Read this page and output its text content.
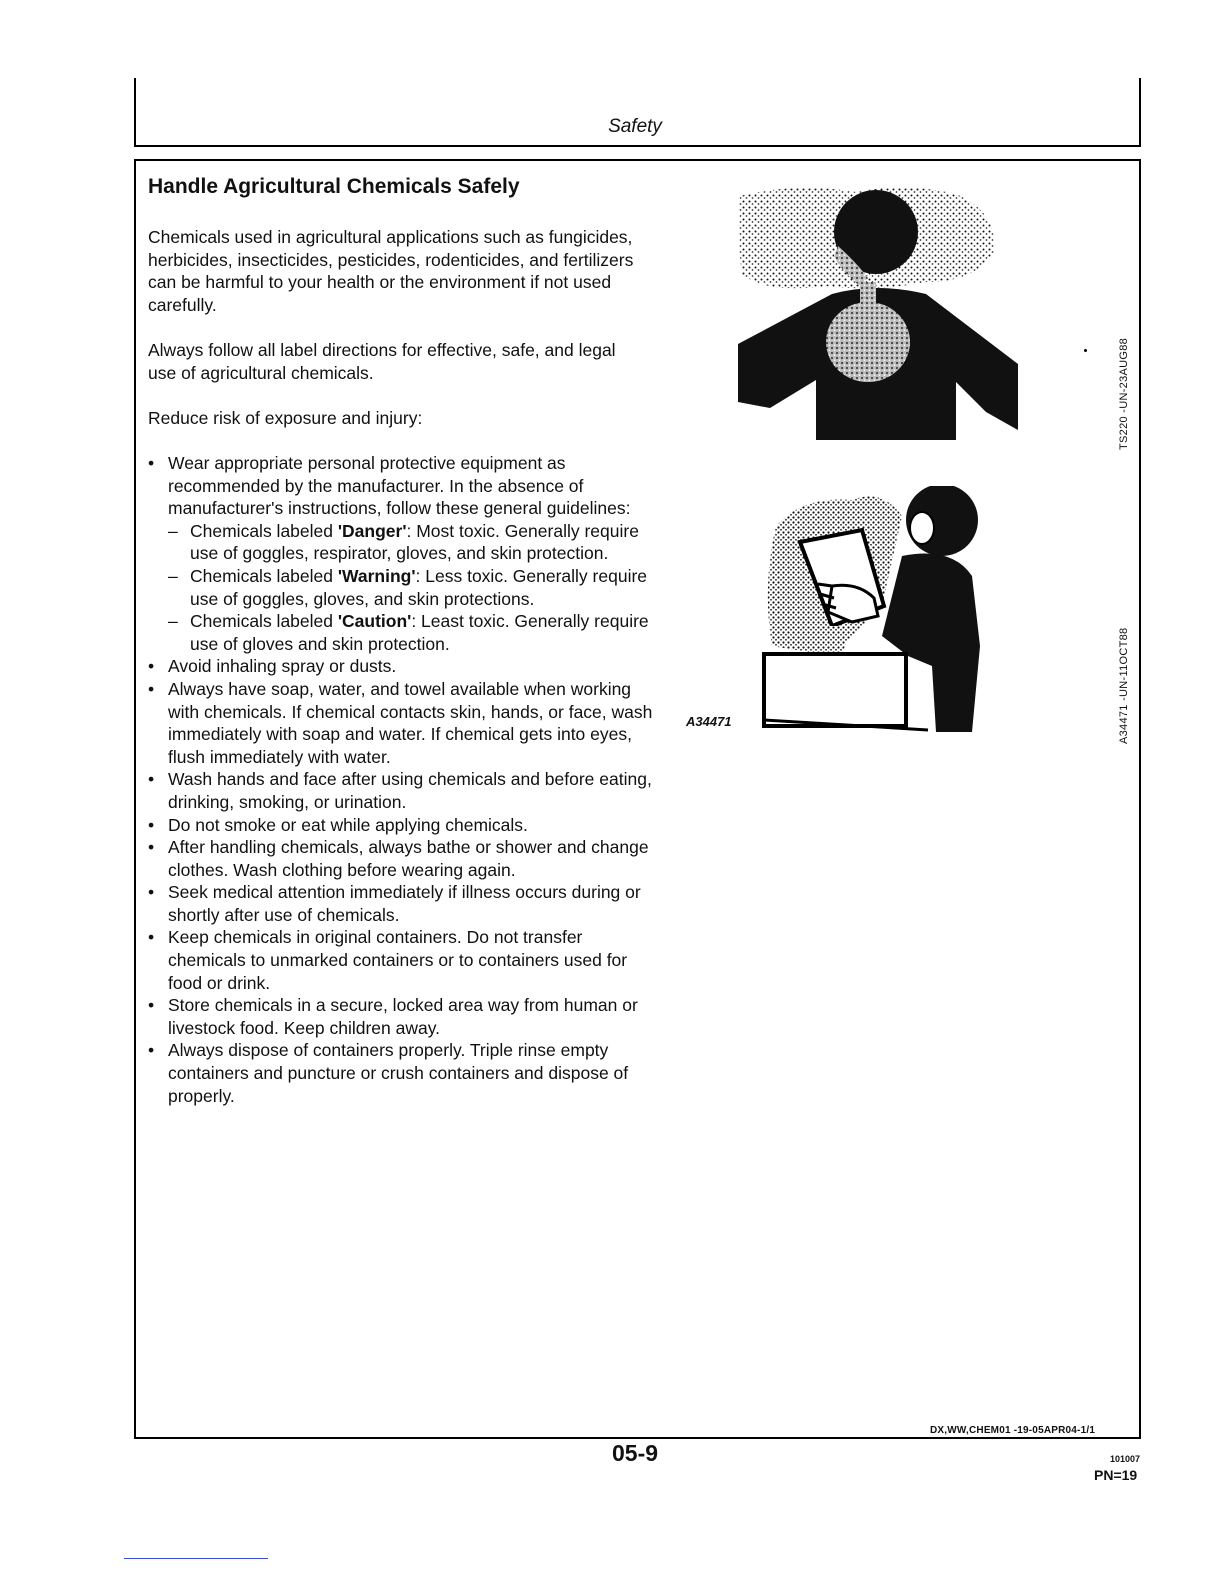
Safety
Handle Agricultural Chemicals Safely
Chemicals used in agricultural applications such as fungicides, herbicides, insecticides, pesticides, rodenticides, and fertilizers can be harmful to your health or the environment if not used carefully.
Always follow all label directions for effective, safe, and legal use of agricultural chemicals.
Reduce risk of exposure and injury:
• Wear appropriate personal protective equipment as recommended by the manufacturer. In the absence of manufacturer's instructions, follow these general guidelines:
– Chemicals labeled 'Danger': Most toxic. Generally require use of goggles, respirator, gloves, and skin protection.
– Chemicals labeled 'Warning': Less toxic. Generally require use of goggles, gloves, and skin protections.
– Chemicals labeled 'Caution': Least toxic. Generally require use of gloves and skin protection.
• Avoid inhaling spray or dusts.
• Always have soap, water, and towel available when working with chemicals. If chemical contacts skin, hands, or face, wash immediately with soap and water. If chemical gets into eyes, flush immediately with water.
• Wash hands and face after using chemicals and before eating, drinking, smoking, or urination.
• Do not smoke or eat while applying chemicals.
• After handling chemicals, always bathe or shower and change clothes. Wash clothing before wearing again.
• Seek medical attention immediately if illness occurs during or shortly after use of chemicals.
• Keep chemicals in original containers. Do not transfer chemicals to unmarked containers or to containers used for food or drink.
• Store chemicals in a secure, locked area way from human or livestock food. Keep children away.
• Always dispose of containers properly. Triple rinse empty containers and puncture or crush containers and dispose of properly.
A34471
TS220 -UN-23AUG88
A34471 -UN-11OCT88
DX,WW,CHEM01 -19-05APR04-1/1
05-9	101007
PN=19
